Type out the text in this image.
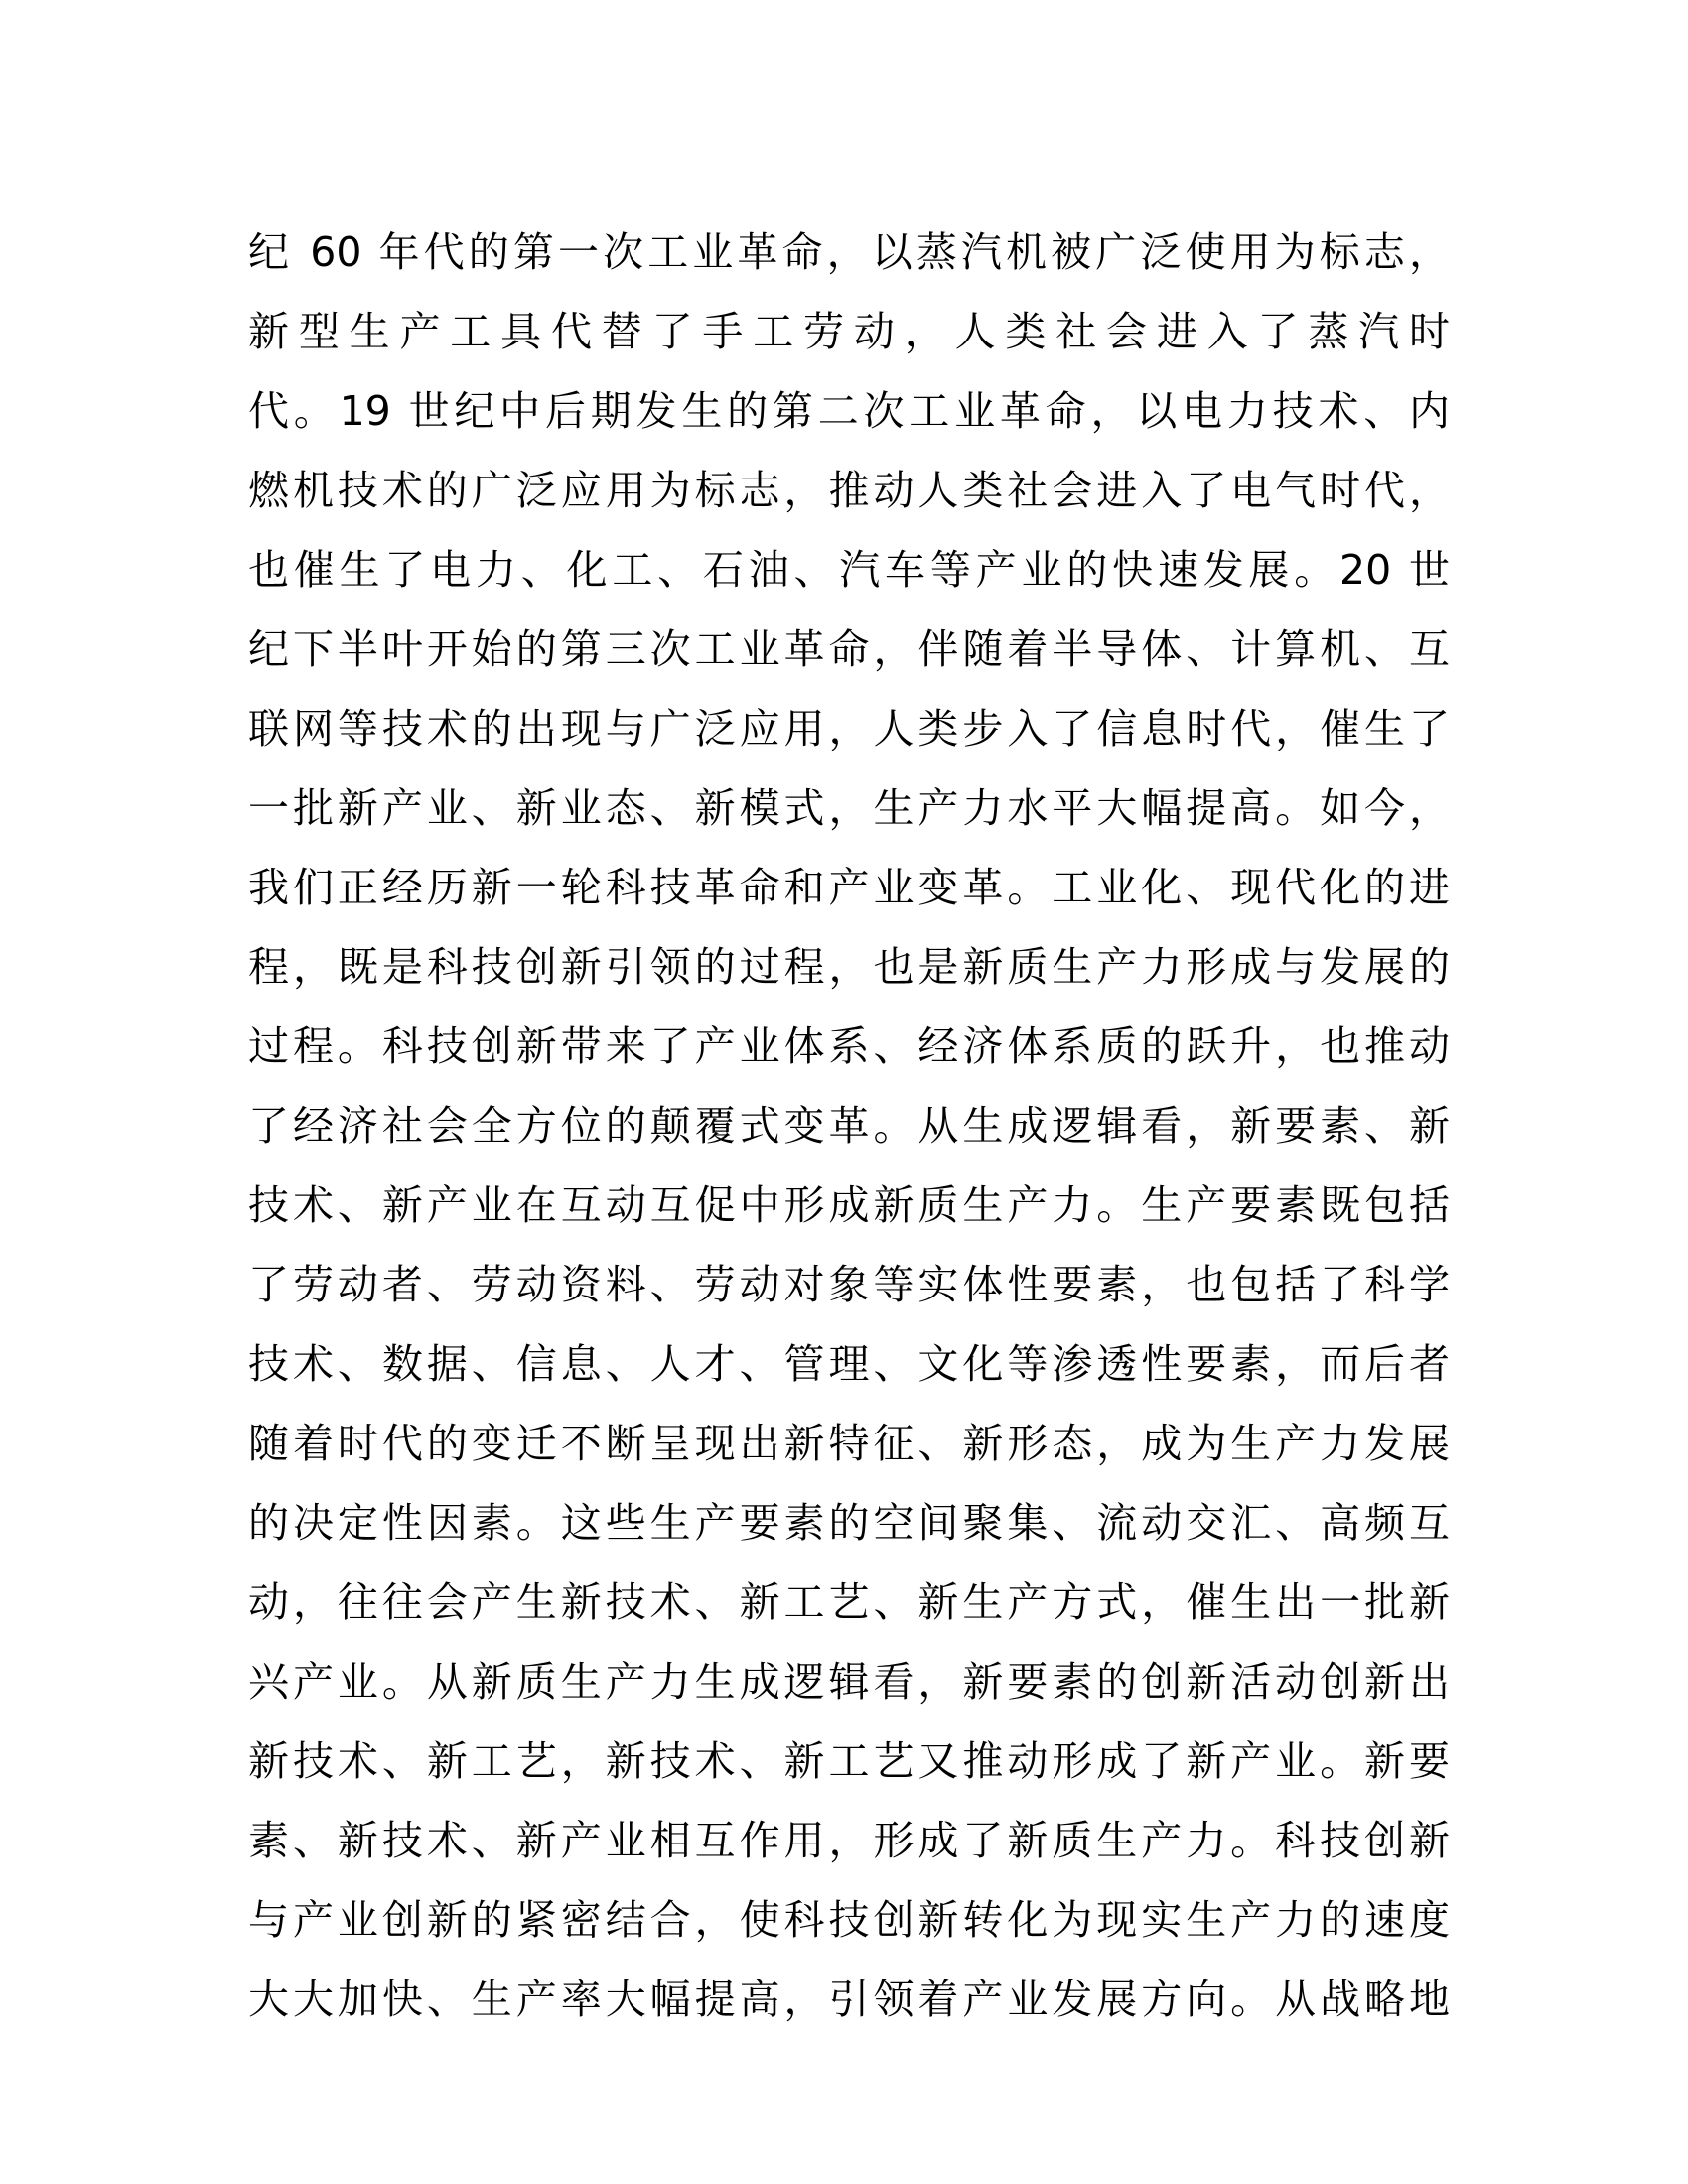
纪 60 年代的第一次工业革命，以蒸汽机被广泛使用为标志，
新型生产工具代替了手工劳动，人类社会进入了蒸汽时
代。19 世纪中后期发生的第二次工业革命，以电力技术、内
燃机技术的广泛应用为标志，推动人类社会进入了电气时代，
也催生了电力、化工、石油、汽车等产业的快速发展。20 世
纪下半叶开始的第三次工业革命，伴随着半导体、计算机、互
联网等技术的出现与广泛应用，人类步入了信息时代，催生了
一批新产业、新业态、新模式，生产力水平大幅提高。如今，
我们正经历新一轮科技革命和产业变革。工业化、现代化的进
程，既是科技创新引领的过程，也是新质生产力形成与发展的
过程。科技创新带来了产业体系、经济体系质的跃升，也推动
了经济社会全方位的颠覆式变革。从生成逻辑看，新要素、新
技术、新产业在互动互促中形成新质生产力。生产要素既包括
了劳动者、劳动资料、劳动对象等实体性要素，也包括了科学
技术、数据、信息、人才、管理、文化等渗透性要素，而后者
随着时代的变迁不断呈现出新特征、新形态，成为生产力发展
的决定性因素。这些生产要素的空间聚集、流动交汇、高频互
动，往往会产生新技术、新工艺、新生产方式，催生出一批新
兴产业。从新质生产力生成逻辑看，新要素的创新活动创新出
新技术、新工艺，新技术、新工艺又推动形成了新产业。新要
素、新技术、新产业相互作用，形成了新质生产力。科技创新
与产业创新的紧密结合，使科技创新转化为现实生产力的速度
大大加快、生产率大幅提高，引领着产业发展方向。从战略地
